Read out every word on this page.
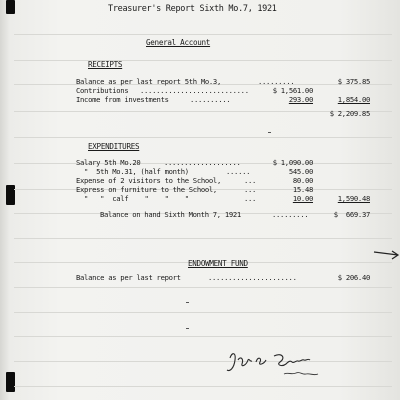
Treasurer's Report Sixth Mo.7, 1921
General Account
RECEIPTS
Balance as per last report 5th Mo.3,	.........	$ 375.85
Contributions ...........................	$ 1,561.00
Income from investments	..........	293.00	1,854.00
$ 2,209.85
EXPENDITURES
Salary 5th Mo.20 ...................	$ 1,090.00
"  5th Mo.31, (half month)	......	545.00
Expense of 2 visitors to the School,	...	80.00
Express on furniture to the School,	...	15.48
"   "  calf    "    "    "	...	10.00	1,590.48
Balance on hand Sixth Month 7, 1921	.........	$  669.37
ENDOWMENT FUND
Balance as per last report	......................	$ 206.40
